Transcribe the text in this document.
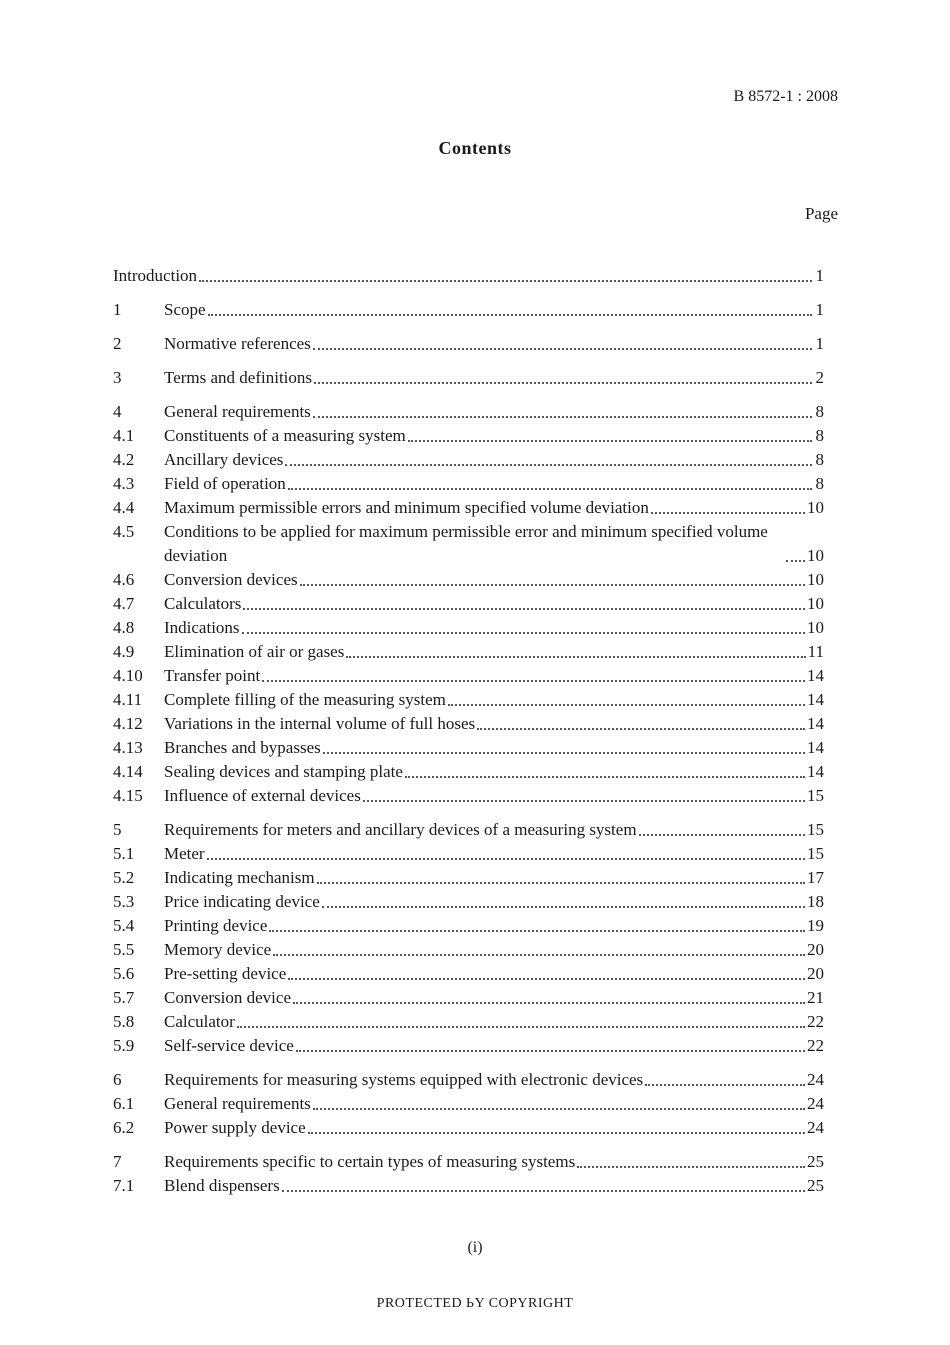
B 8572-1 : 2008
Contents
Page
Introduction	1
1	Scope	1
2	Normative references	1
3	Terms and definitions	2
4	General requirements	8
4.1	Constituents of a measuring system	8
4.2	Ancillary devices	8
4.3	Field of operation	8
4.4	Maximum permissible errors and minimum specified volume deviation	10
4.5	Conditions to be applied for maximum permissible error and minimum specified volume deviation	10
4.6	Conversion devices	10
4.7	Calculators	10
4.8	Indications	10
4.9	Elimination of air or gases	11
4.10	Transfer point	14
4.11	Complete filling of the measuring system	14
4.12	Variations in the internal volume of full hoses	14
4.13	Branches and bypasses	14
4.14	Sealing devices and stamping plate	14
4.15	Influence of external devices	15
5	Requirements for meters and ancillary devices of a measuring system	15
5.1	Meter	15
5.2	Indicating mechanism	17
5.3	Price indicating device	18
5.4	Printing device	19
5.5	Memory device	20
5.6	Pre-setting device	20
5.7	Conversion device	21
5.8	Calculator	22
5.9	Self-service device	22
6	Requirements for measuring systems equipped with electronic devices	24
6.1	General requirements	24
6.2	Power supply device	24
7	Requirements specific to certain types of measuring systems	25
7.1	Blend dispensers	25
(i)
PROTECTED ЬY COPYRIGHT
